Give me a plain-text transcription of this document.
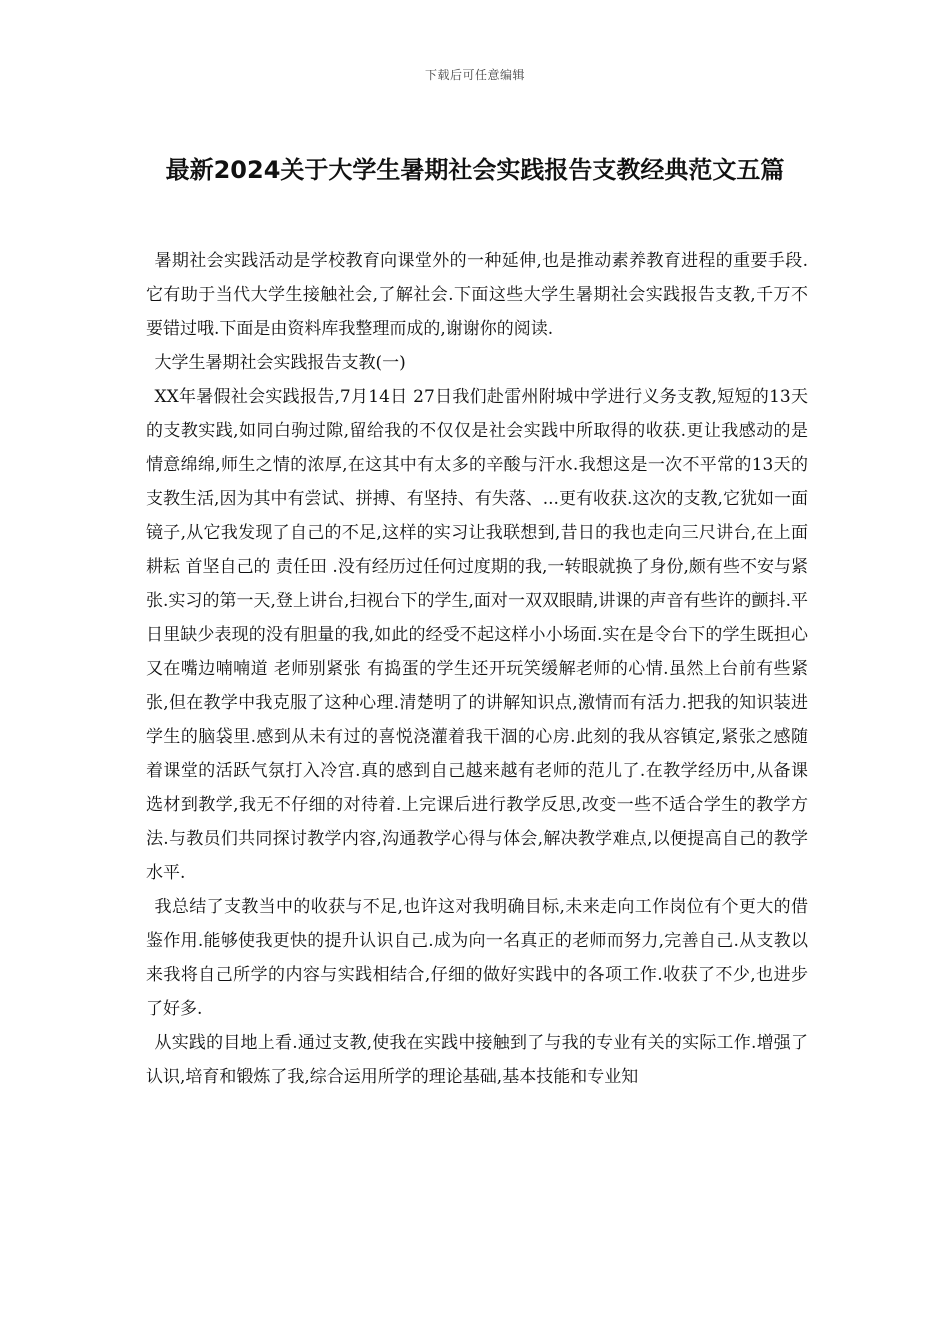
下载后可任意编辑
最新2024关于大学生暑期社会实践报告支教经典范文五篇

暑期社会实践活动是学校教育向课堂外的一种延伸,也是推动素养教育进程的重要手段.它有助于当代大学生接触社会,了解社会.下面这些大学生暑期社会实践报告支教,千万不要错过哦.下面是由资料库我整理而成的,谢谢你的阅读.

大学生暑期社会实践报告支教(一)

XX年暑假社会实践报告,7月14日 27日我们赴雷州附城中学进行义务支教,短短的13天的支教实践,如同白驹过隙,留给我的不仅仅是社会实践中所取得的收获.更让我感动的是情意绵绵,师生之情的浓厚,在这其中有太多的辛酸与汗水.我想这是一次不平常的13天的支教生活,因为其中有尝试、拼搏、有坚持、有失落、...更有收获.这次的支教,它犹如一面镜子,从它我发现了自己的不足,这样的实习让我联想到,昔日的我也走向三尺讲台,在上面 耕耘 首坚自己的 责任田 .没有经历过任何过度期的我,一转眼就换了身份,颇有些不安与紧张.实习的第一天,登上讲台,扫视台下的学生,面对一双双眼睛,讲课的声音有些许的颤抖.平日里缺少表现的没有胆量的我,如此的经受不起这样小小场面.实在是令台下的学生既担心又在嘴边喃喃道 老师别紧张 有捣蛋的学生还开玩笑缓解老师的心情.虽然上台前有些紧张,但在教学中我克服了这种心理.清楚明了的讲解知识点,激情而有活力.把我的知识装进学生的脑袋里.感到从未有过的喜悦浇灌着我干涸的心房.此刻的我从容镇定,紧张之感随着课堂的活跃气氛打入冷宫.真的感到自己越来越有老师的范儿了.在教学经历中,从备课选材到教学,我无不仔细的对待着.上完课后进行教学反思,改变一些不适合学生的教学方法.与教员们共同探讨教学内容,沟通教学心得与体会,解决教学难点,以便提高自己的教学水平.

我总结了支教当中的收获与不足,也许这对我明确目标,未来走向工作岗位有个更大的借鉴作用.能够使我更快的提升认识自己.成为向一名真正的老师而努力,完善自己.从支教以来我将自己所学的内容与实践相结合,仔细的做好实践中的各项工作.收获了不少,也进步了好多.

从实践的目地上看.通过支教,使我在实践中接触到了与我的专业有关的实际工作.增强了认识,培育和锻炼了我,综合运用所学的理论基础,基本技能和专业知
